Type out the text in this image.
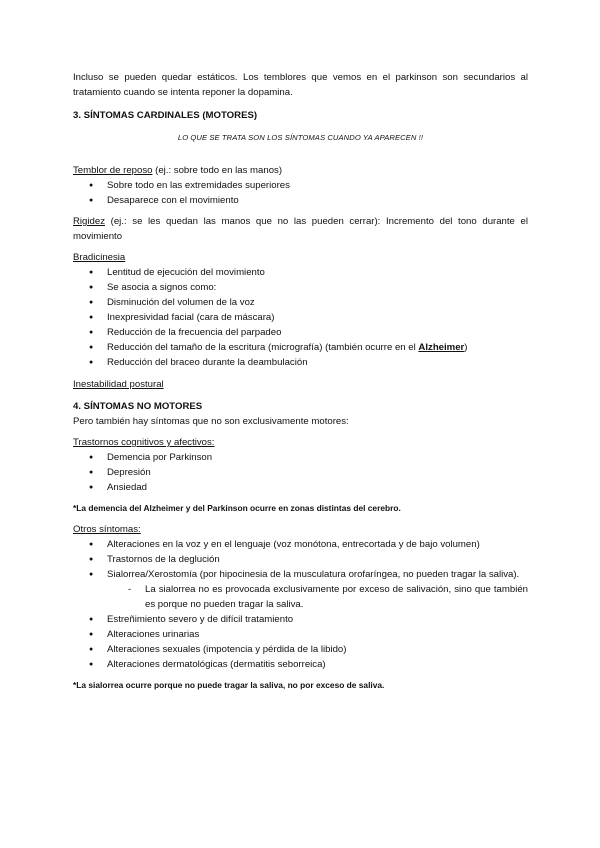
Incluso se pueden quedar estáticos. Los temblores que vemos en el parkinson son secundarios al tratamiento cuando se intenta reponer la dopamina.

3. SÍNTOMAS CARDINALES (MOTORES)

LO QUE SE TRATA SON LOS SÍNTOMAS CUANDO YA APARECEN !!

Temblor de reposo (ej.: sobre todo en las manos)

● Sobre todo en las extremidades superiores
● Desaparece con el movimiento

Rigidez (ej.: se les quedan las manos que no las pueden cerrar): Incremento del tono durante el movimiento

Bradicinesia

● Lentitud de ejecución del movimiento
● Se asocia a signos como:
● Disminución del volumen de la voz
● Inexpresividad facial (cara de máscara)
● Reducción de la frecuencia del parpadeo
● Reducción del tamaño de la escritura (micrografía) (también ocurre en el Alzheimer)
● Reducción del braceo durante la deambulación

Inestabilidad postural

4. SÍNTOMAS NO MOTORES

Pero también hay síntomas que no son exclusivamente motores:

Trastornos cognitivos y afectivos:

● Demencia por Parkinson
● Depresión
● Ansiedad

*La demencia del Alzheimer y del Parkinson ocurre en zonas distintas del cerebro.

Otros síntomas:

● Alteraciones en la voz y en el lenguaje (voz monótona, entrecortada y de bajo volumen)
● Trastornos de la deglución
● Sialorrea/Xerostomía (por hipocinesia de la musculatura orofaríngea, no pueden tragar la saliva).
- La sialorrea no es provocada exclusivamente por exceso de salivación, sino que también es porque no pueden tragar la saliva.
● Estreñimiento severo y de difícil tratamiento
● Alteraciones urinarias
● Alteraciones sexuales (impotencia y pérdida de la libido)
● Alteraciones dermatológicas (dermatitis seborreica)

*La sialorrea ocurre porque no puede tragar la saliva, no por exceso de saliva.
